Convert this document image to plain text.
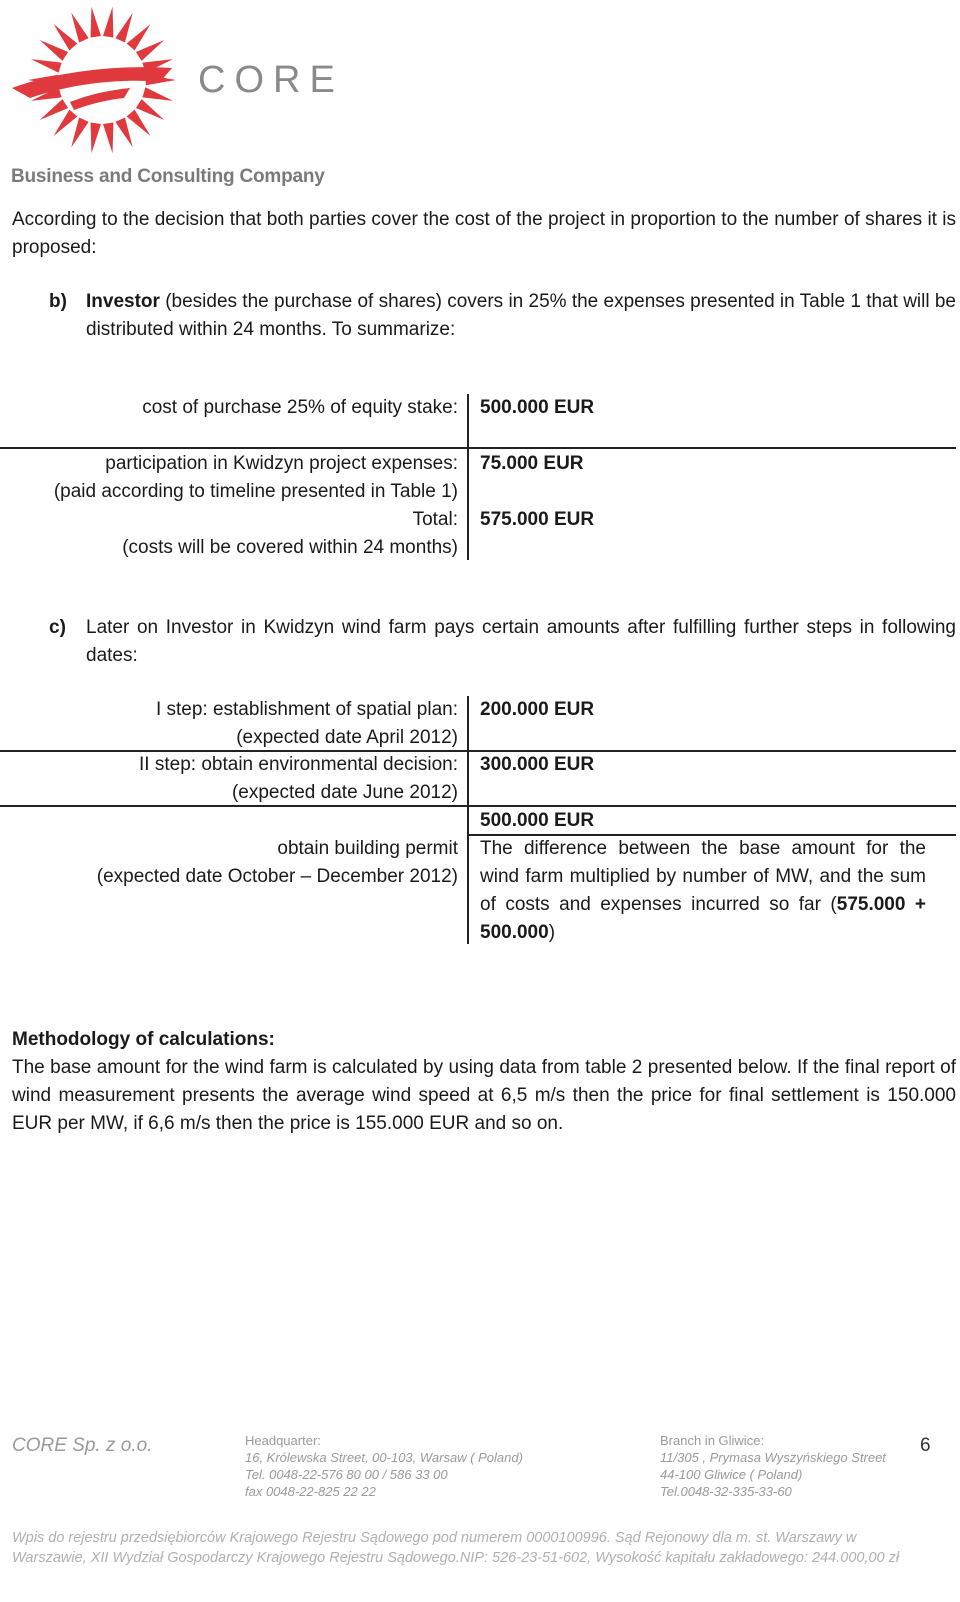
CORE
Business and Consulting Company
According to the decision that both parties cover the cost of the project in proportion to the number of shares it is proposed:
b) Investor (besides the purchase of shares) covers in 25% the expenses presented in Table 1 that will be distributed within 24 months. To summarize:
cost of purchase 25% of equity stake:	500.000 EUR
participation in Kwidzyn project expenses:
(paid according to timeline presented in Table 1)
75.000 EUR
Total:
(costs will be covered within 24 months)
575.000 EUR
c) Later on Investor in Kwidzyn wind farm pays certain amounts after fulfilling further steps in following dates:
I step: establishment of spatial plan:
(expected date April 2012)
200.000 EUR
II step: obtain environmental decision:
(expected date June 2012)
300.000 EUR
500.000 EUR
obtain building permit
(expected date October – December 2012)
The difference between the base amount for the wind farm multiplied by number of MW, and the sum of costs and expenses incurred so far (575.000 + 500.000)
Methodology of calculations:
The base amount for the wind farm is calculated by using data from table 2 presented below. If the final report of wind measurement presents the average wind speed at 6,5 m/s then the price for final settlement is 150.000 EUR per MW, if 6,6 m/s then the price is 155.000 EUR and so on.
CORE Sp. z o.o.	Headquarter:
16, Królewska Street, 00-103, Warsaw ( Poland)
Tel. 0048-22-576 80 00 / 586 33 00
fax 0048-22-825 22 22
Branch in Gliwice:
11/305 , Prymasa Wyszyńskiego Street
44-100 Gliwice ( Poland)
Tel.0048-32-335-33-60
6
Wpis do rejestru przedsiębiorców Krajowego Rejestru Sądowego pod numerem 0000100996. Sąd Rejonowy dla m. st. Warszawy w
Warszawie, XII Wydział Gospodarczy Krajowego Rejestru Sądowego.NIP: 526-23-51-602, Wysokość kapitału zakładowego: 244.000,00 zł
